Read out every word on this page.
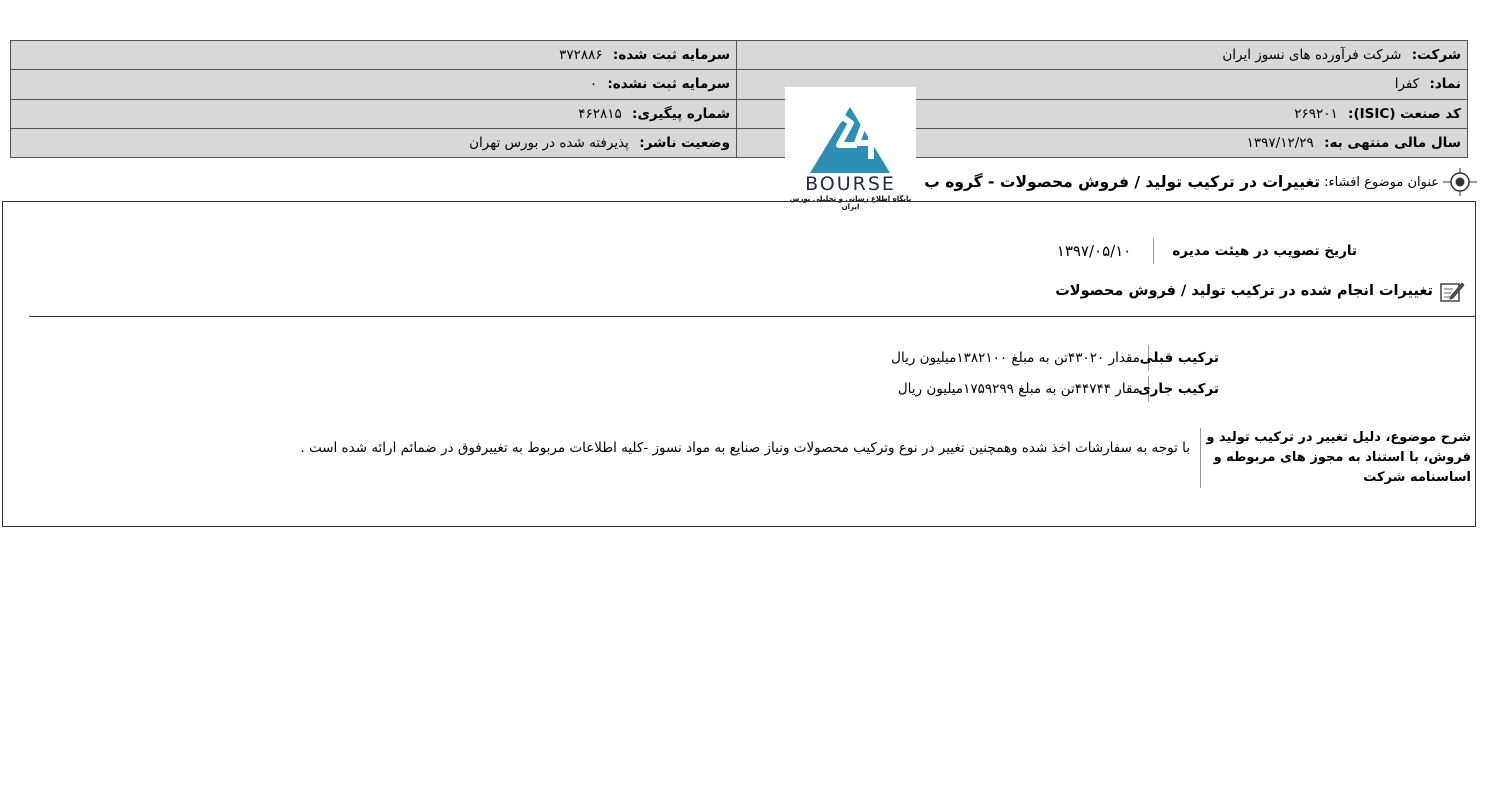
شرکت: شرکت فرآورده های نسوز ایران	سرمایه ثبت شده: ۳۷۲۸۸۶
نماد: کفرا	سرمایه ثبت نشده: ۰
کد صنعت (ISIC): ۲۶۹۲۰۱	شماره پیگیری: ۴۶۲۸۱۵
سال مالی منتهی به: ۱۳۹۷/۱۲/۲۹	وضعیت ناشر: پذیرفته شده در بورس تهران
BOURSE
پایگاه اطلاع رسانی و تحلیلی بورس ایران
عنوان موضوع افشاء:
تغییرات در ترکیب تولید / فروش محصولات - گروه ب
تاریخ تصویب در هیئت مدیره
۱۳۹۷/۰۵/۱۰
تغییرات انجام شده در ترکیب تولید / فروش محصولات
ترکیب قبلی
مقدار ۴۳۰۲۰تن به مبلغ ۱۳۸۲۱۰۰میلیون ریال
ترکیب جاری
مقار ۴۴۷۴۴تن به مبلغ ۱۷۵۹۲۹۹میلیون ریال
شرح موضوع، دلیل تغییر در ترکیب تولید و فروش، با استناد به مجوز های مربوطه و اساسنامه شرکت
با توجه به سفارشات اخذ شده وهمچنین تغییر در نوع وترکیب محصولات ونیاز صنایع به مواد نسوز -کلیه اطلاعات مربوط به تغییرفوق در ضمائم ارائه شده است .
